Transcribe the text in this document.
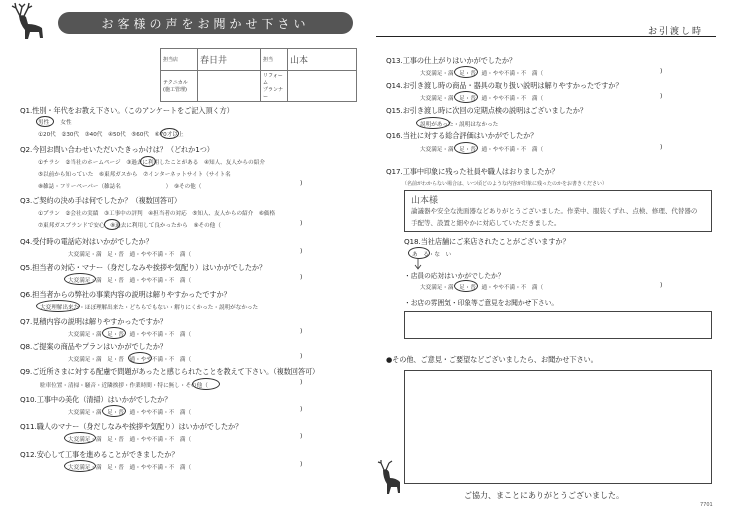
お客様の声をお聞かせ下さい
お引渡し時
担当店	春日井	担当	山本
テクニカル
(施工管理)		リフォーム
プランナー	
Q1.性別・年代をお教え下さい。（このアンケートをご記入頂く方）
男性　　女性
①20代　②30代　③40代　④50代　⑤60代　⑥70才以上
Q2.今回お問い合わせいただいたきっかけは？（どれか1つ）
①チラシ　②当社のホームページ　③過去に利用したことがある　④知人、友人からの紹介
⑤以前から知っていた　⑥東邦ガスから　⑦インターネットサイト（サイト名
⑧雑誌・フリーペーパー（雑誌名　　　　　　　　）　⑨その他（	)
Q3.ご契約の決め手は何でしたか？（複数回答可）
①プラン　②会社の実績　③工事中の評判　④担当者の対応　⑤知人、友人からの紹介　⑥価格
⑦東邦ガスブランドで安心　⑧過去に利用して良かったから　⑨その他（	)
Q4.受付時の電話応対はいかがでしたか？
大変満足・満　足・普　通・やや不満・不　満（	)
Q5.担当者の対応・マナー（身だしなみや挨拶や気配り）はいかがでしたか？
大変満足・満　足・普　通・やや不満・不　満（	)
Q6.担当者からの弊社の事業内容の説明は解りやすかったですか？
大変理解出来た・ほぼ理解出来た・どちらでもない・解りにくかった・説明がなかった
Q7.見積内容の説明は解りやすかったですか？
大変満足・満　足・普　通・やや不満・不　満（	)
Q8.ご提案の商品やプランはいかがでしたか？
大変満足・満　足・普　通・やや不満・不　満（	)
Q9.ご近所さまに対する配慮で問題があったと感じられたことを教えて下さい。（複数回答可）
駐車位置・清掃・騒音・近隣挨拶・作業時間・特に無し・その他（	)
Q10.工事中の美化（清掃）はいかがでしたか？
大変満足・満　足・普　通・やや不満・不　満（	)
Q11.職人のマナー（身だしなみや挨拶や気配り）はいかがでしたか？
大変満足・満　足・普　通・やや不満・不　満（	)
Q12.安心して工事を進めることができましたか？
大変満足・満　足・普　通・やや不満・不　満（	)
Q13.工事の仕上がりはいかがでしたか？
大変満足・満　足・普　通・やや不満・不　満（	)
Q14.お引き渡し時の商品・器具の取り扱い説明は解りやすかったですか？
大変満足・満　足・普　通・やや不満・不　満（	)
Q15.お引き渡し時に次回の定期点検の説明はございましたか？
説明があった・説明はなかった
Q16.当社に対する総合評価はいかがでしたか？
大変満足・満　足・普　通・やや不満・不　満（	)
Q17.工事中印象に残った社員や職人はおりましたか？
（名前がわからない場合は、いつ頃どのような内容が印象に残ったのかをお書きください）
山本様
論議器や安全な洗面器などありがとうございました。作業中、服装くずれ、点検、修理、代替器の
手配等、設置と細やかに対応していただきました。
Q18.当社店舗にご来店されたことがございますか？
あ　る・な　い
・店員の応対はいかがでしたか？
大変満足・満　足・普　通・やや不満・不　満（	)
・お店の雰囲気・印象等ご意見をお聞かせ下さい。
●その他、ご意見・ご要望などございましたら、お聞かせ下さい。
ご協力、まことにありがとうございました。
7701
